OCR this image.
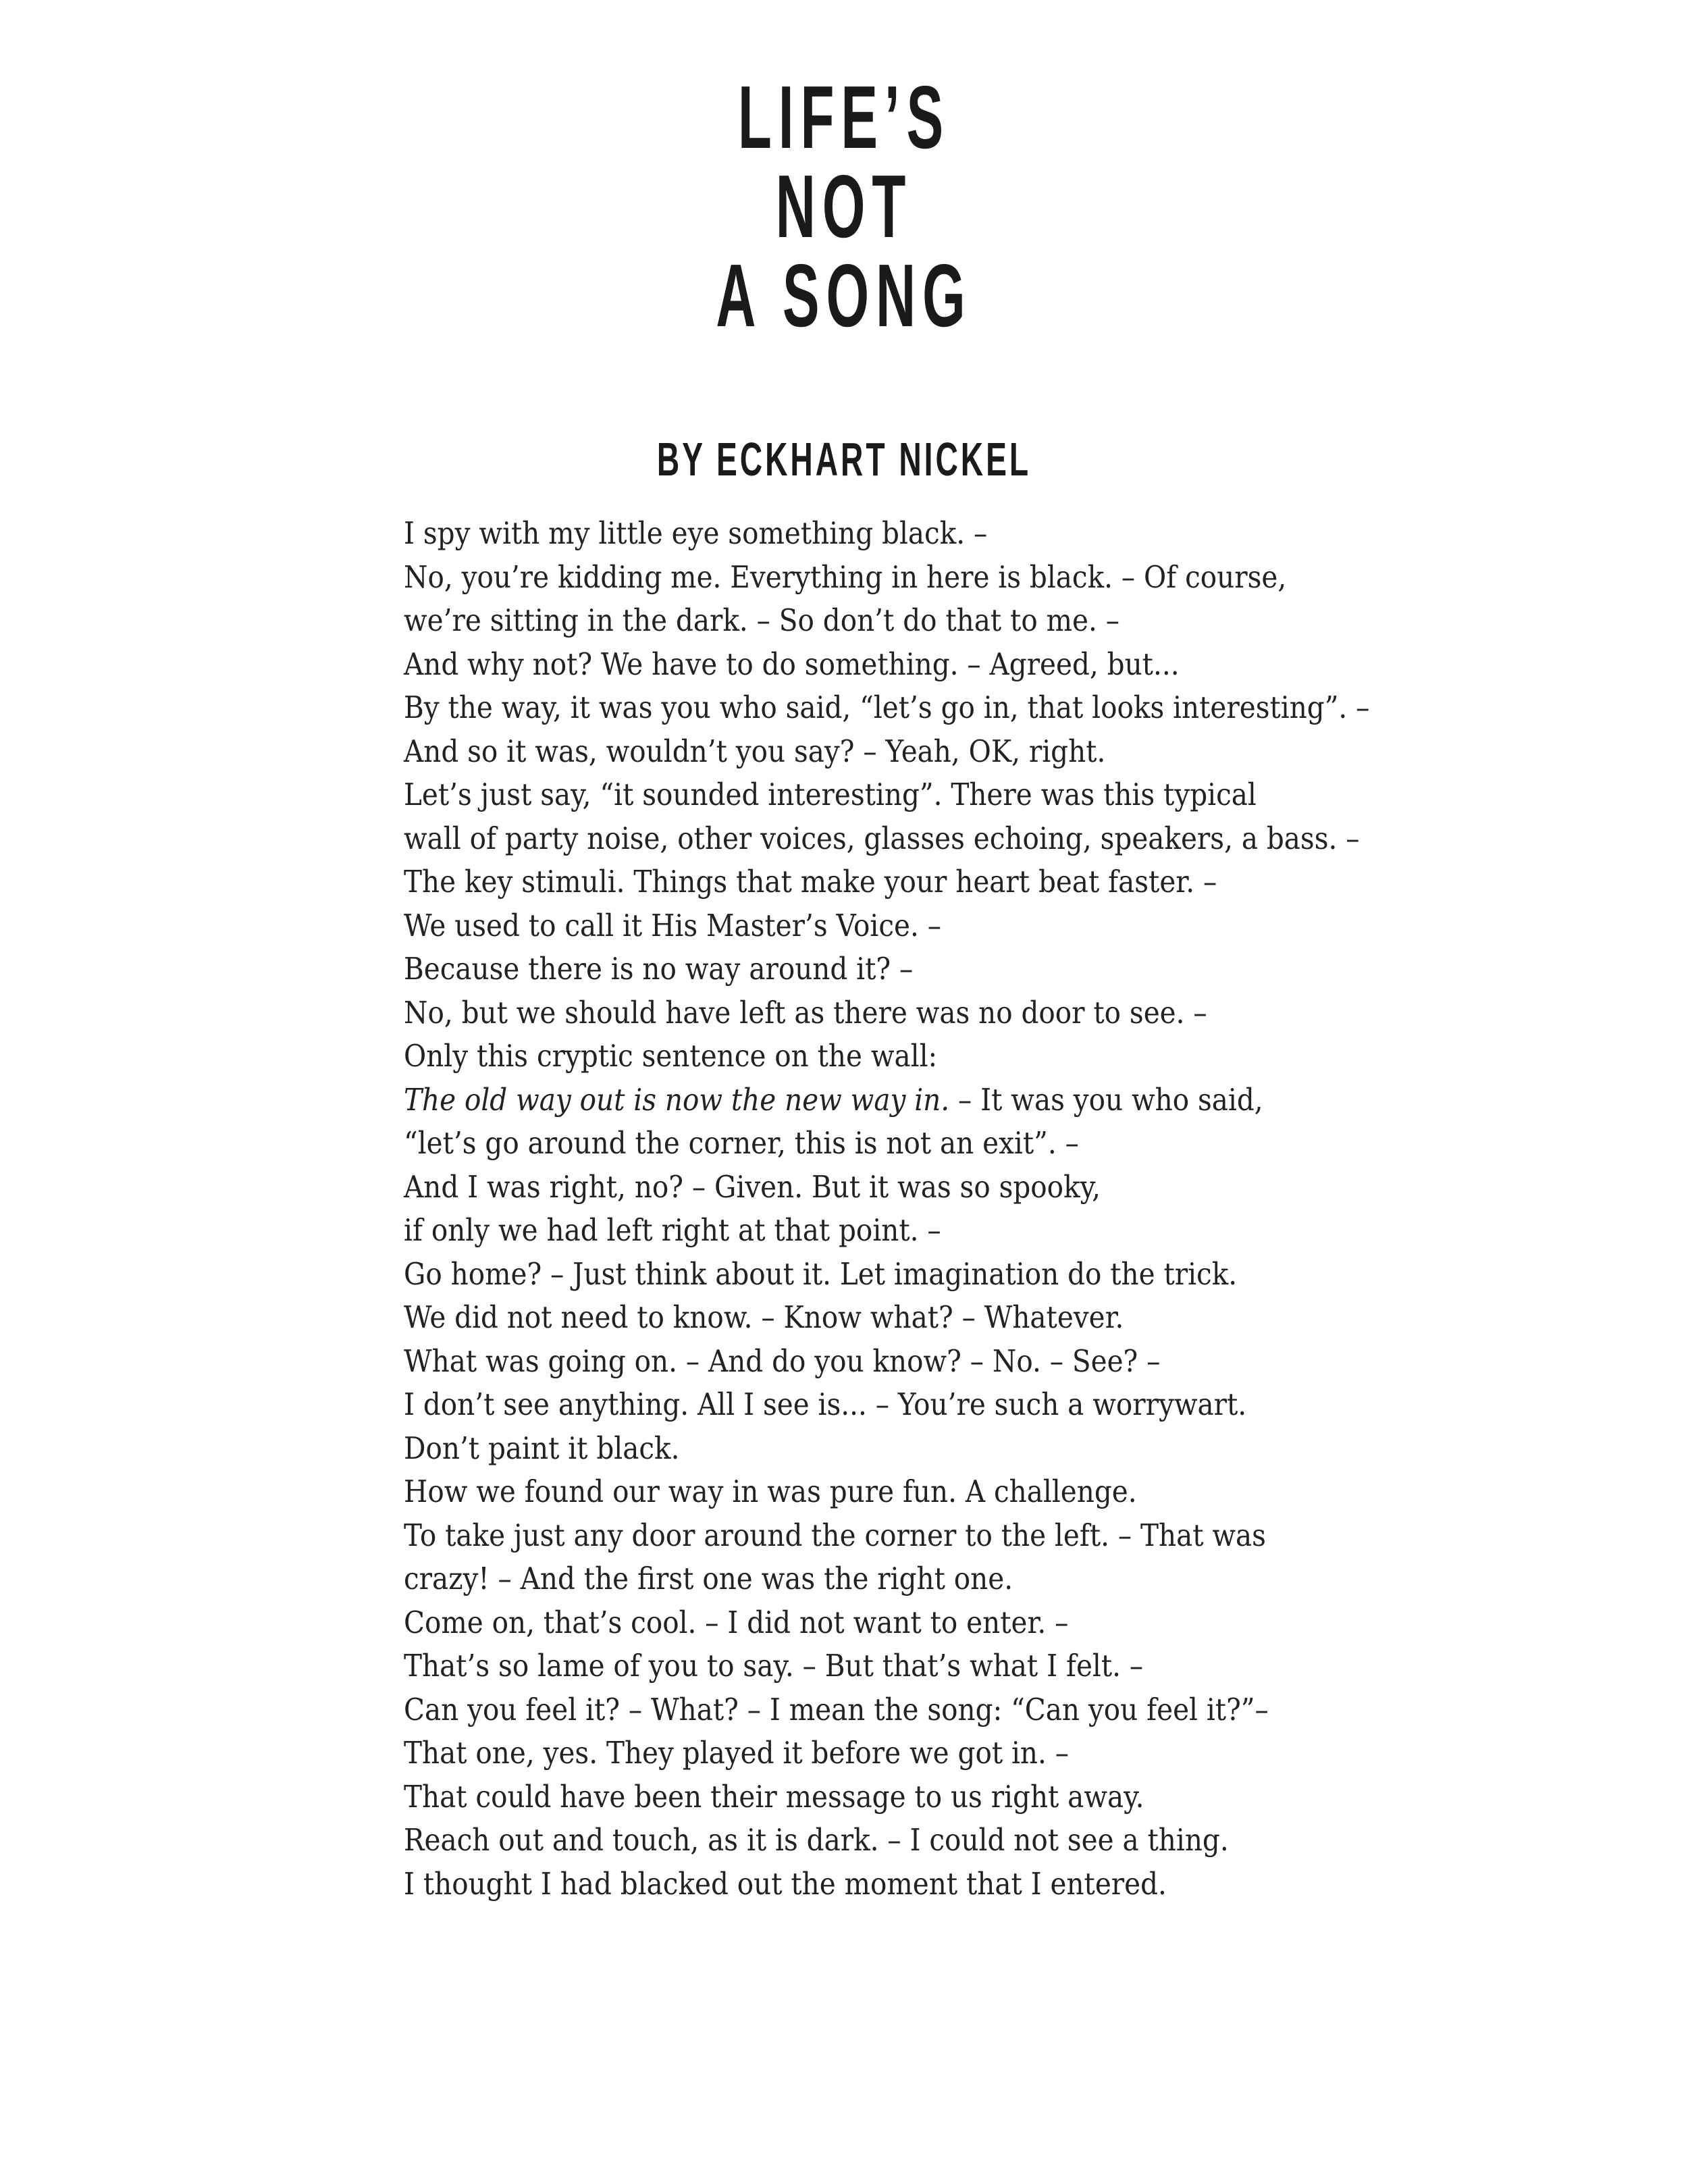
LIFE’S
NOT
A SONG
BY ECKHART NICKEL
I spy with my little eye something black. –
No, you’re kidding me. Everything in here is black. – Of course,
we’re sitting in the dark. – So don’t do that to me. –
And why not? We have to do something. – Agreed, but...
By the way, it was you who said, “let’s go in, that looks interesting”. –
And so it was, wouldn’t you say? – Yeah, OK, right.
Let’s just say, “it sounded interesting”. There was this typical
wall of party noise, other voices, glasses echoing, speakers, a bass. –
The key stimuli. Things that make your heart beat faster. –
We used to call it His Master’s Voice. –
Because there is no way around it? –
No, but we should have left as there was no door to see. –
Only this cryptic sentence on the wall:
The old way out is now the new way in. – It was you who said,
“let’s go around the corner, this is not an exit”. –
And I was right, no? – Given. But it was so spooky,
if only we had left right at that point. –
Go home? – Just think about it. Let imagination do the trick.
We did not need to know. – Know what? – Whatever.
What was going on. – And do you know? – No. – See? –
I don’t see anything. All I see is... – You’re such a worrywart.
Don’t paint it black.
How we found our way in was pure fun. A challenge.
To take just any door around the corner to the left. – That was
crazy! – And the first one was the right one.
Come on, that’s cool. – I did not want to enter. –
That’s so lame of you to say. – But that’s what I felt. –
Can you feel it? – What? – I mean the song: “Can you feel it?”–
That one, yes. They played it before we got in. –
That could have been their message to us right away.
Reach out and touch, as it is dark. – I could not see a thing.
I thought I had blacked out the moment that I entered.
